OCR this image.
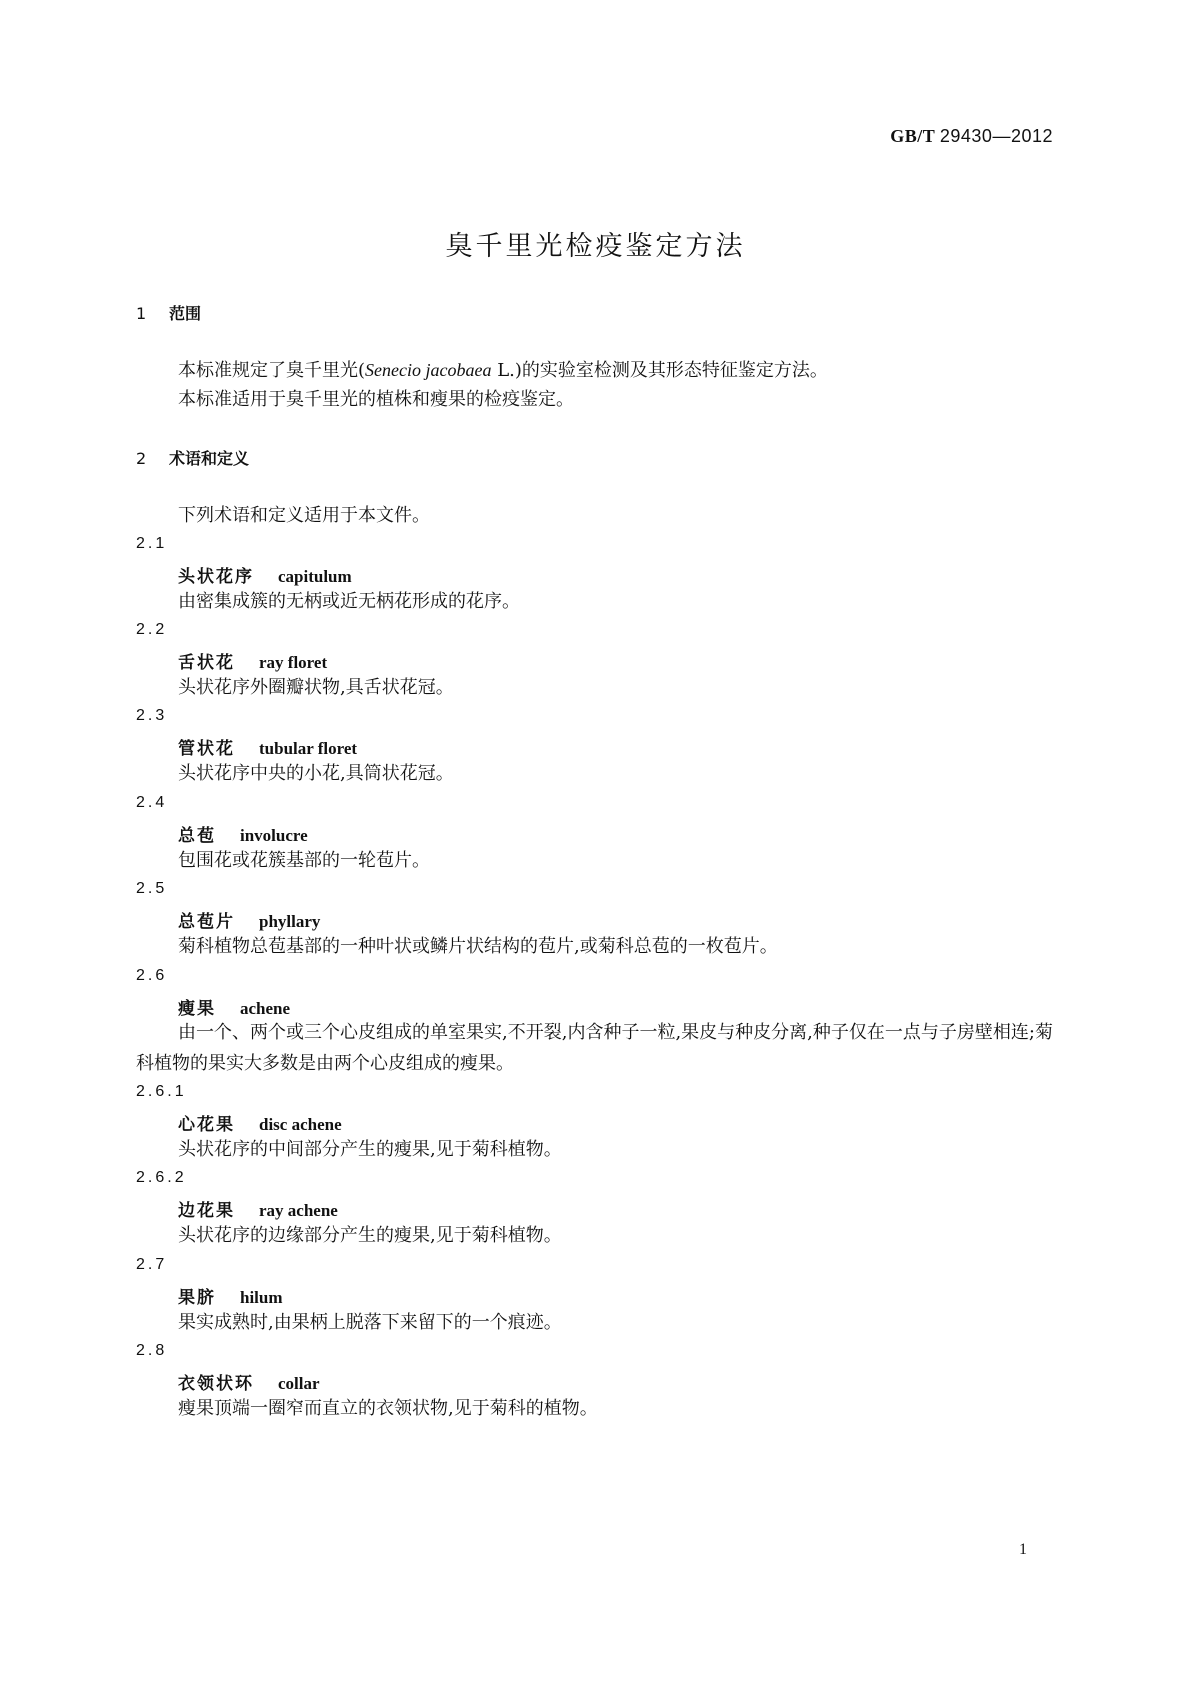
GB/T 29430—2012
臭千里光检疫鉴定方法
1 范围
本标准规定了臭千里光(Senecio jacobaea L.)的实验室检测及其形态特征鉴定方法。
本标准适用于臭千里光的植株和瘦果的检疫鉴定。
2 术语和定义
下列术语和定义适用于本文件。
2.1
头状花序 capitulum
由密集成簇的无柄或近无柄花形成的花序。
2.2
舌状花 ray floret
头状花序外圈瓣状物,具舌状花冠。
2.3
管状花 tubular floret
头状花序中央的小花,具筒状花冠。
2.4
总苞 involucre
包围花或花簇基部的一轮苞片。
2.5
总苞片 phyllary
菊科植物总苞基部的一种叶状或鳞片状结构的苞片,或菊科总苞的一枚苞片。
2.6
瘦果 achene
由一个、两个或三个心皮组成的单室果实,不开裂,内含种子一粒,果皮与种皮分离,种子仅在一点与子房壁相连;菊科植物的果实大多数是由两个心皮组成的瘦果。
2.6.1
心花果 disc achene
头状花序的中间部分产生的瘦果,见于菊科植物。
2.6.2
边花果 ray achene
头状花序的边缘部分产生的瘦果,见于菊科植物。
2.7
果脐 hilum
果实成熟时,由果柄上脱落下来留下的一个痕迹。
2.8
衣领状环 collar
瘦果顶端一圈窄而直立的衣领状物,见于菊科的植物。
1
